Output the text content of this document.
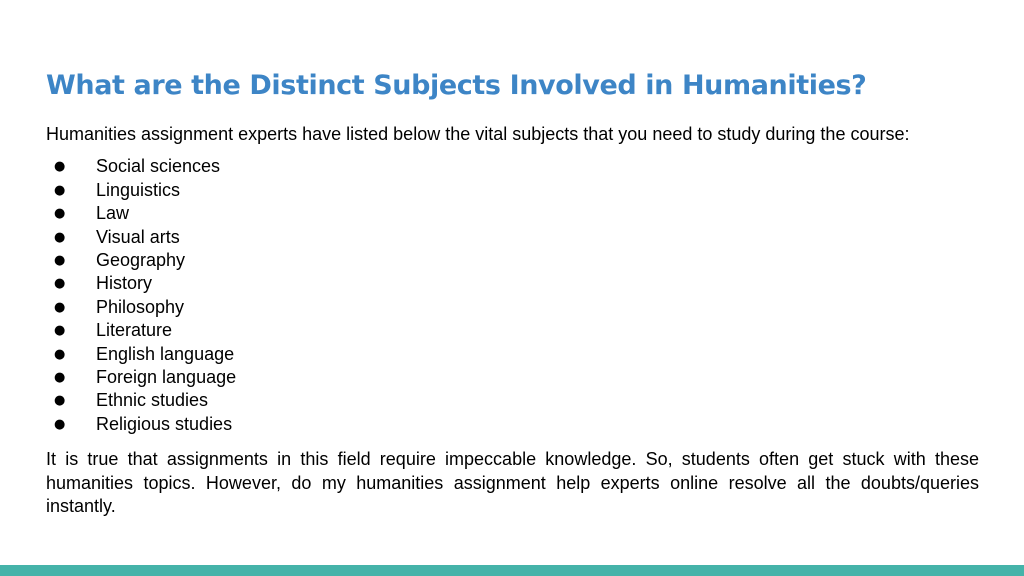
What are the Distinct Subjects Involved in Humanities?

Humanities assignment experts have listed below the vital subjects that you need to study during the course:

●	Social sciences
●	Linguistics
●	Law
●	Visual arts
●	Geography
●	History
●	Philosophy
●	Literature
●	English language
●	Foreign language
●	Ethnic studies
●	Religious studies

It is true that assignments in this field require impeccable knowledge. So, students often get stuck with these humanities topics. However, do my humanities assignment help experts online resolve all the doubts/queries instantly.
